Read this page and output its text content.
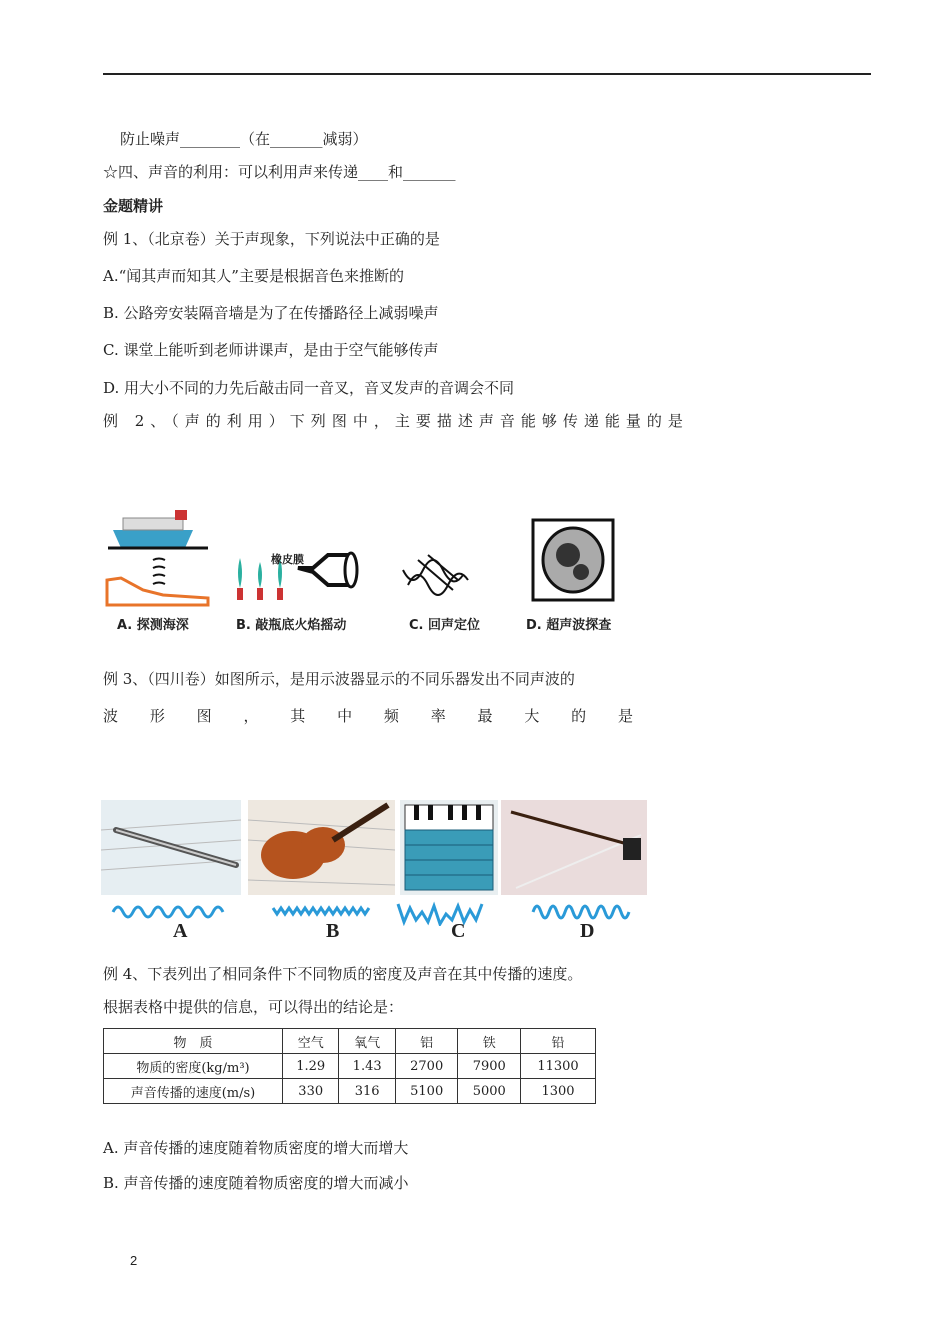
防止噪声________（在_______减弱）
☆四、声音的利用：可以利用声来传递____和_______
金题精讲
例 1、（北京卷）关于声现象，下列说法中正确的是
A.“闻其声而知其人”主要是根据音色来推断的
B. 公路旁安装隔音墙是为了在传播路径上减弱噪声
C. 课堂上能听到老师讲课声，是由于空气能够传声
D. 用大小不同的力先后敲击同一音叉，音叉发声的音调会不同
例 2、（声的利用）下列图中，主要描述声音能够传递能量的是
橡皮膜
A. 探测海深	B. 敲瓶底火焰摇动	C. 回声定位	D. 超声波探查
例 3、（四川卷）如图所示，是用示波器显示的不同乐器发出不同声波的
波 形 图 ， 其 中 频 率 最 大 的 是
A	B	C	D
例 4、下表列出了相同条件下不同物质的密度及声音在其中传播的速度。
根据表格中提供的信息，可以得出的结论是：
物　质	空气	氧气	铝	铁	铅
物质的密度(kg/m³)	1.29	1.43	2700	7900	11300
声音传播的速度(m/s)	330	316	5100	5000	1300
A. 声音传播的速度随着物质密度的增大而增大
B. 声音传播的速度随着物质密度的增大而减小
2
